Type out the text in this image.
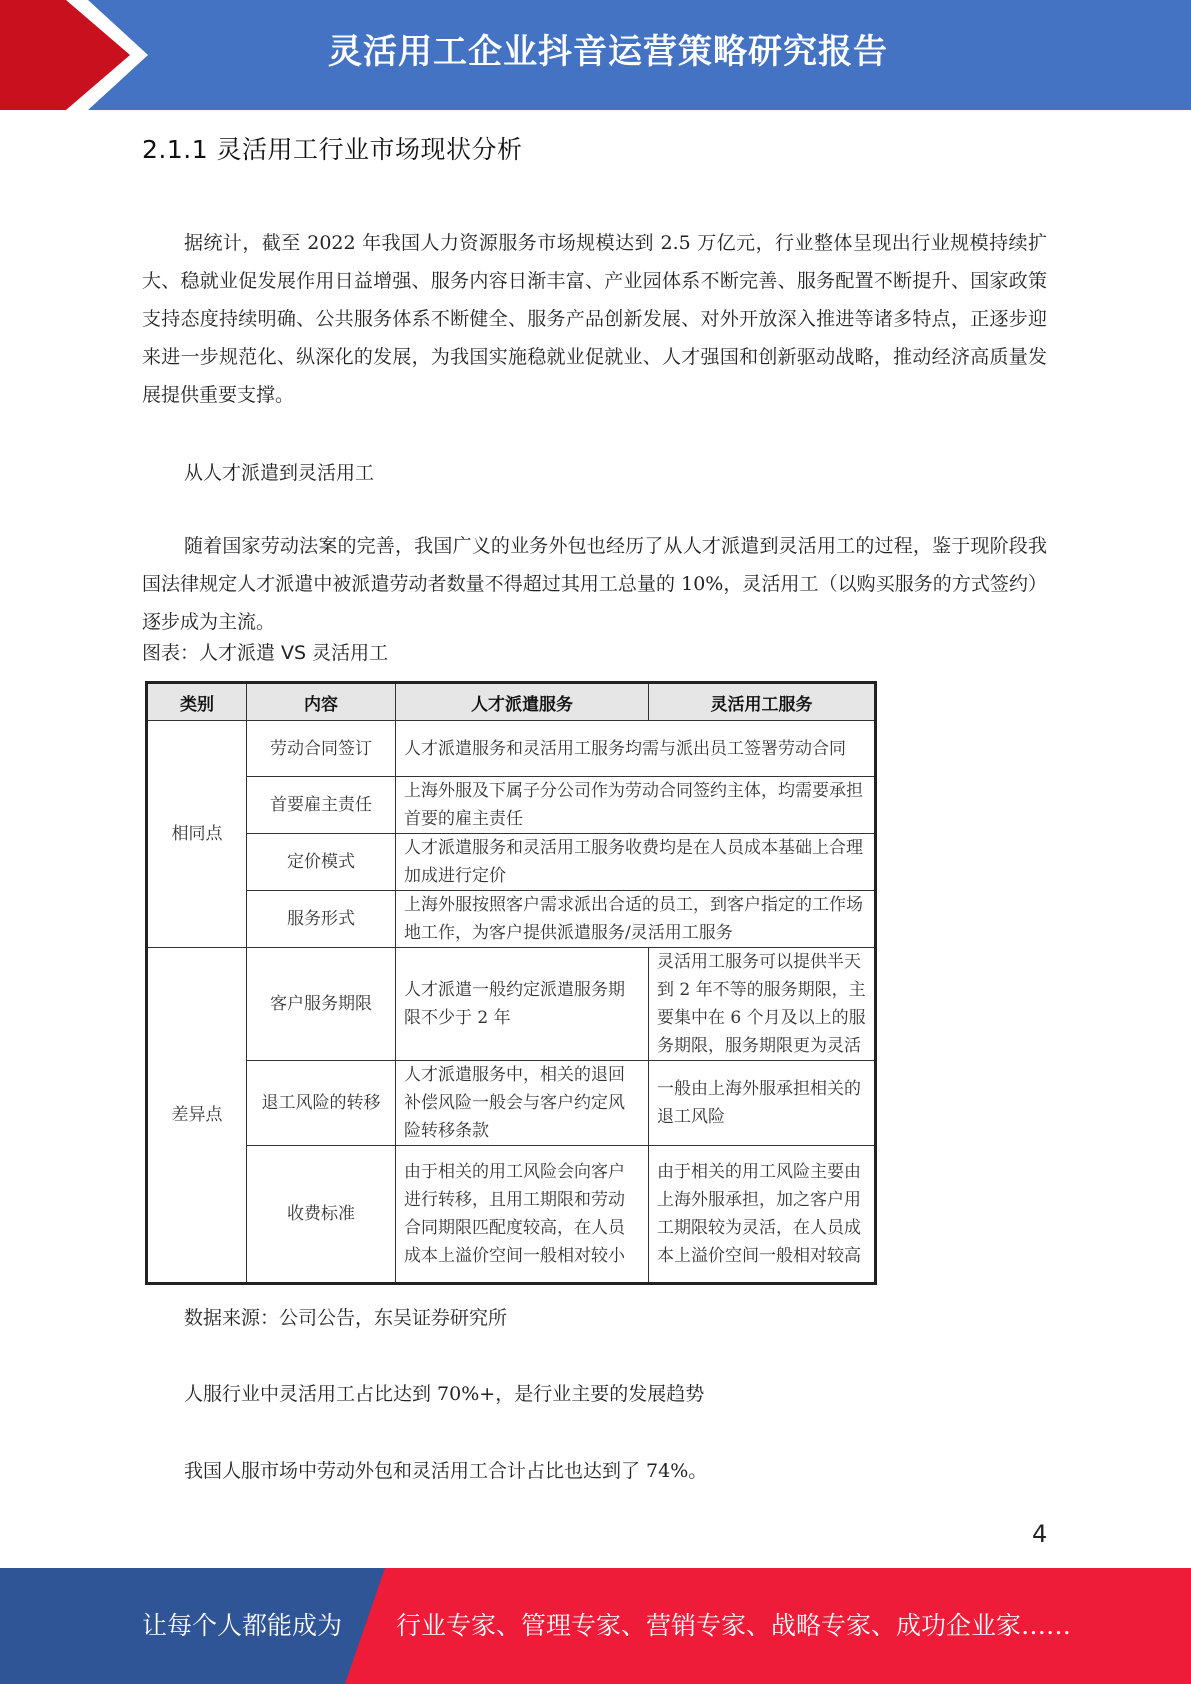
灵活用工企业抖音运营策略研究报告
2.1.1 灵活用工行业市场现状分析

据统计，截至 2022 年我国人力资源服务市场规模达到 2.5 万亿元，行业整体呈现出行业规模持续扩大、稳就业促发展作用日益增强、服务内容日渐丰富、产业园体系不断完善、服务配置不断提升、国家政策支持态度持续明确、公共服务体系不断健全、服务产品创新发展、对外开放深入推进等诸多特点，正逐步迎来进一步规范化、纵深化的发展，为我国实施稳就业促就业、人才强国和创新驱动战略，推动经济高质量发展提供重要支撑。

从人才派遣到灵活用工

随着国家劳动法案的完善，我国广义的业务外包也经历了从人才派遣到灵活用工的过程，鉴于现阶段我国法律规定人才派遣中被派遣劳动者数量不得超过其用工总量的 10%，灵活用工（以购买服务的方式签约）逐步成为主流。

图表：人才派遣 VS 灵活用工
类别	内容	人才派遣服务	灵活用工服务
相同点	劳动合同签订	人才派遣服务和灵活用工服务均需与派出员工签署劳动合同	
	首要雇主责任	上海外服及下属子分公司作为劳动合同签约主体，均需要承担首要的雇主责任	
	定价模式	人才派遣服务和灵活用工服务收费均是在人员成本基础上合理加成进行定价	
	服务形式	上海外服按照客户需求派出合适的员工，到客户指定的工作场地工作，为客户提供派遣服务/灵活用工服务	
差异点	客户服务期限	人才派遣一般约定派遣服务期限不少于 2 年	灵活用工服务可以提供半天到 2 年不等的服务期限，主要集中在 6 个月及以上的服务期限，服务期限更为灵活
	退工风险的转移	人才派遣服务中，相关的退回补偿风险一般会与客户约定风险转移条款	一般由上海外服承担相关的退工风险
	收费标准	由于相关的用工风险会向客户进行转移，且用工期限和劳动合同期限匹配度较高，在人员成本上溢价空间一般相对较小	由于相关的用工风险主要由上海外服承担，加之客户用工期限较为灵活，在人员成本上溢价空间一般相对较高
数据来源：公司公告，东吴证券研究所
人服行业中灵活用工占比达到 70%+，是行业主要的发展趋势
我国人服市场中劳动外包和灵活用工合计占比也达到了 74%。
4
让每个人都能成为 行业专家、管理专家、营销专家、战略专家、成功企业家……
